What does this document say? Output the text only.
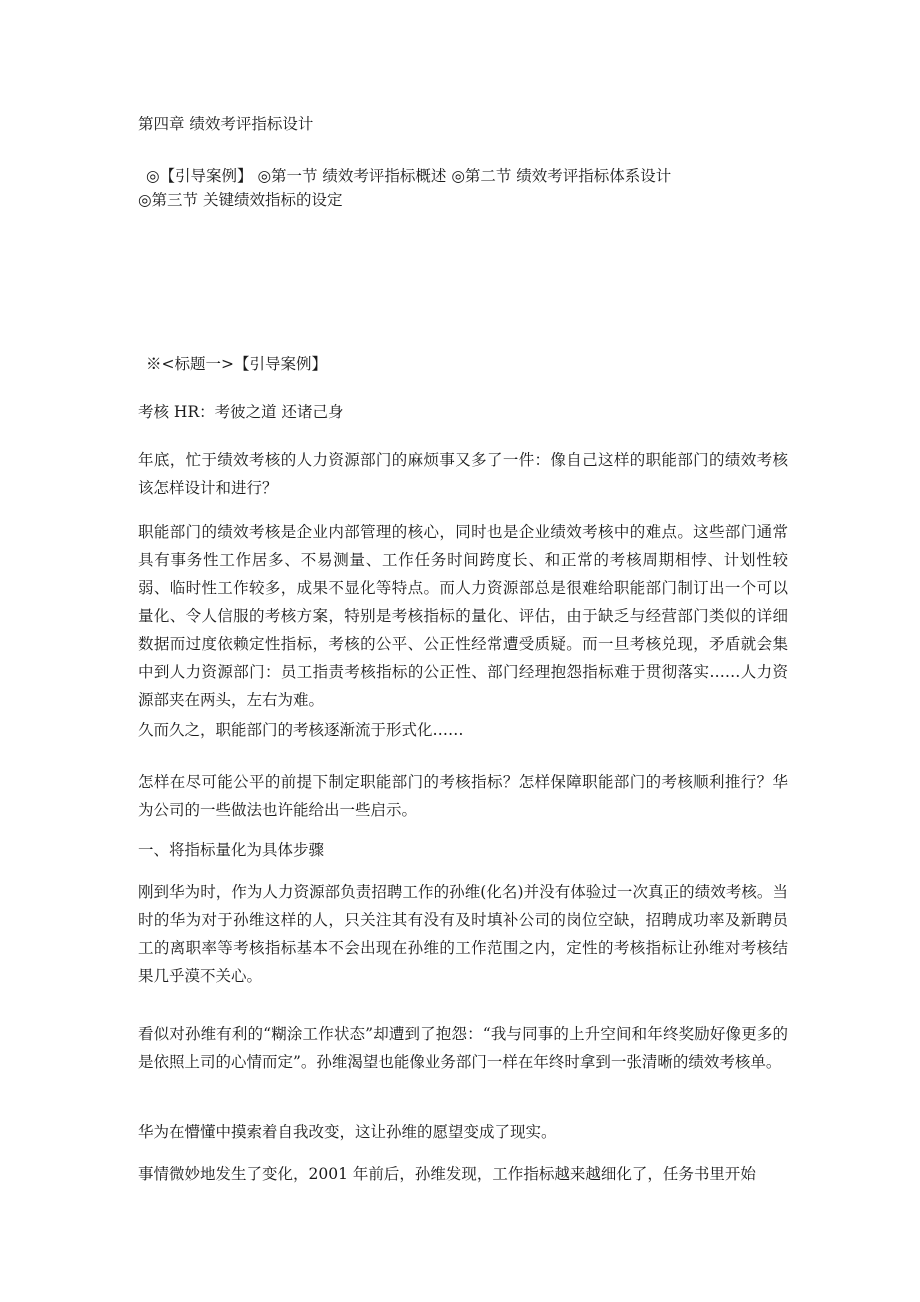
第四章 绩效考评指标设计
◎【引导案例】 ◎第一节 绩效考评指标概述 ◎第二节 绩效考评指标体系设计
◎第三节 关键绩效指标的设定
※<标题一>【引导案例】
考核 HR：考彼之道 还诸己身
年底，忙于绩效考核的人力资源部门的麻烦事又多了一件：像自己这样的职能部门的绩效考核该怎样设计和进行？
职能部门的绩效考核是企业内部管理的核心，同时也是企业绩效考核中的难点。这些部门通常具有事务性工作居多、不易测量、工作任务时间跨度长、和正常的考核周期相悖、计划性较弱、临时性工作较多，成果不显化等特点。而人力资源部总是很难给职能部门制订出一个可以量化、令人信服的考核方案，特别是考核指标的量化、评估，由于缺乏与经营部门类似的详细数据而过度依赖定性指标，考核的公平、公正性经常遭受质疑。而一旦考核兑现，矛盾就会集中到人力资源部门：员工指责考核指标的公正性、部门经理抱怨指标难于贯彻落实……人力资源部夹在两头，左右为难。
久而久之，职能部门的考核逐渐流于形式化……
怎样在尽可能公平的前提下制定职能部门的考核指标？怎样保障职能部门的考核顺利推行？华为公司的一些做法也许能给出一些启示。
一、将指标量化为具体步骤
刚到华为时，作为人力资源部负责招聘工作的孙维(化名)并没有体验过一次真正的绩效考核。当时的华为对于孙维这样的人，只关注其有没有及时填补公司的岗位空缺，招聘成功率及新聘员工的离职率等考核指标基本不会出现在孙维的工作范围之内，定性的考核指标让孙维对考核结果几乎漠不关心。
看似对孙维有利的“糊涂工作状态”却遭到了抱怨：“我与同事的上升空间和年终奖励好像更多的是依照上司的心情而定”。孙维渴望也能像业务部门一样在年终时拿到一张清晰的绩效考核单。
华为在懵懂中摸索着自我改变，这让孙维的愿望变成了现实。
事情微妙地发生了变化，2001 年前后，孙维发现，工作指标越来越细化了，任务书里开始
